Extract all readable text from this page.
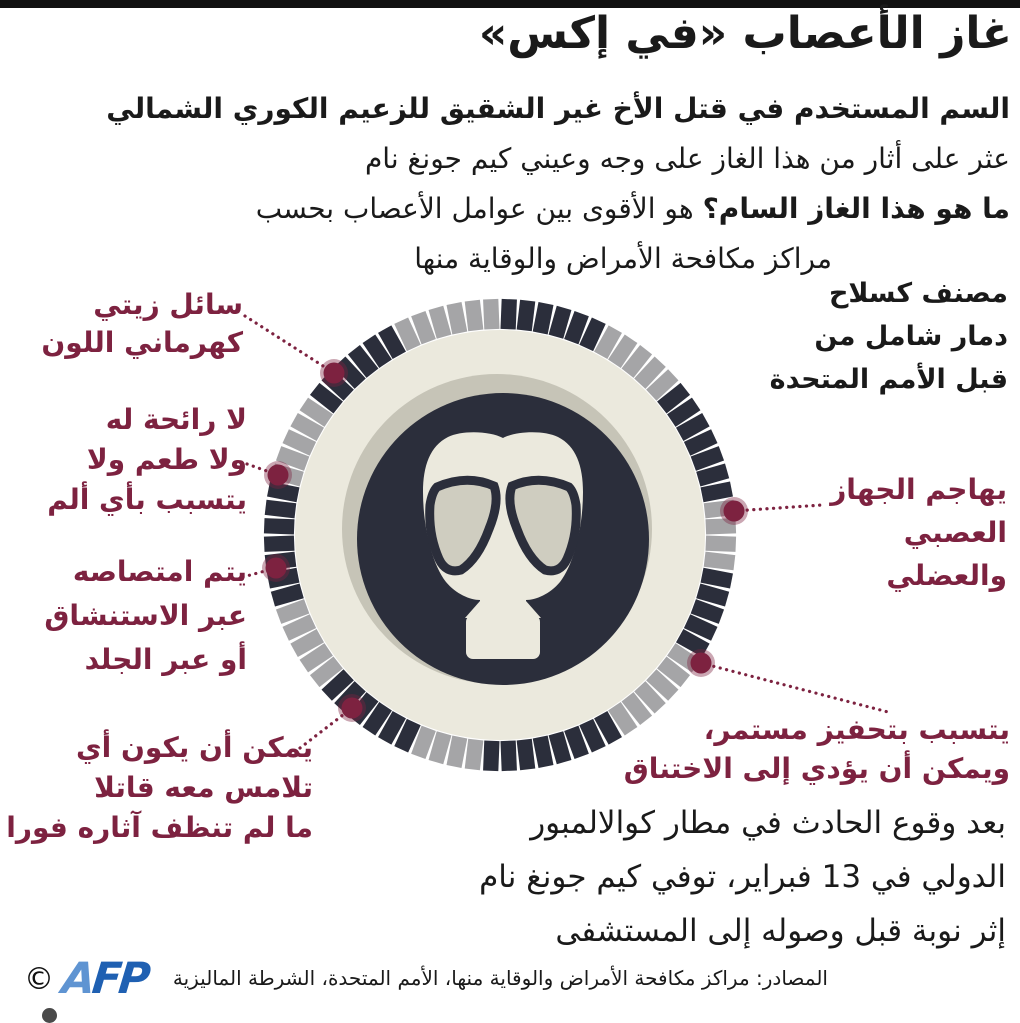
غاز الأعصاب «في إكس»
السم المستخدم في قتل الأخ غير الشقيق للزعيم الكوري الشمالي
عثر على أثار من هذا الغاز على وجه وعيني كيم جونغ نام
ما هو هذا الغاز السام؟ هو الأقوى بين عوامل الأعصاب بحسب
مراكز مكافحة الأمراض والوقاية منها
مصنف كسلاح
دمار شامل من
قبل الأمم المتحدة
سائل زيتي
كهرماني اللون
لا رائحة له
ولا طعم ولا
يتسبب بأي ألم
يتم امتصاصه
عبر الاستنشاق
أو عبر الجلد
يمكن أن يكون أي
تلامس معه قاتلا
ما لم تنظف آثاره فورا
يهاجم الجهاز
العصبي
والعضلي
يتسبب بتحفيز مستمر،
ويمكن أن يؤدي إلى الاختناق
بعد وقوع الحادث في مطار كوالالمبور
الدولي في 13 فبراير، توفي كيم جونغ نام
إثر نوبة قبل وصوله إلى المستشفى
المصادر: مراكز مكافحة الأمراض والوقاية منها، الأمم المتحدة، الشرطة الماليزية
© AFP
